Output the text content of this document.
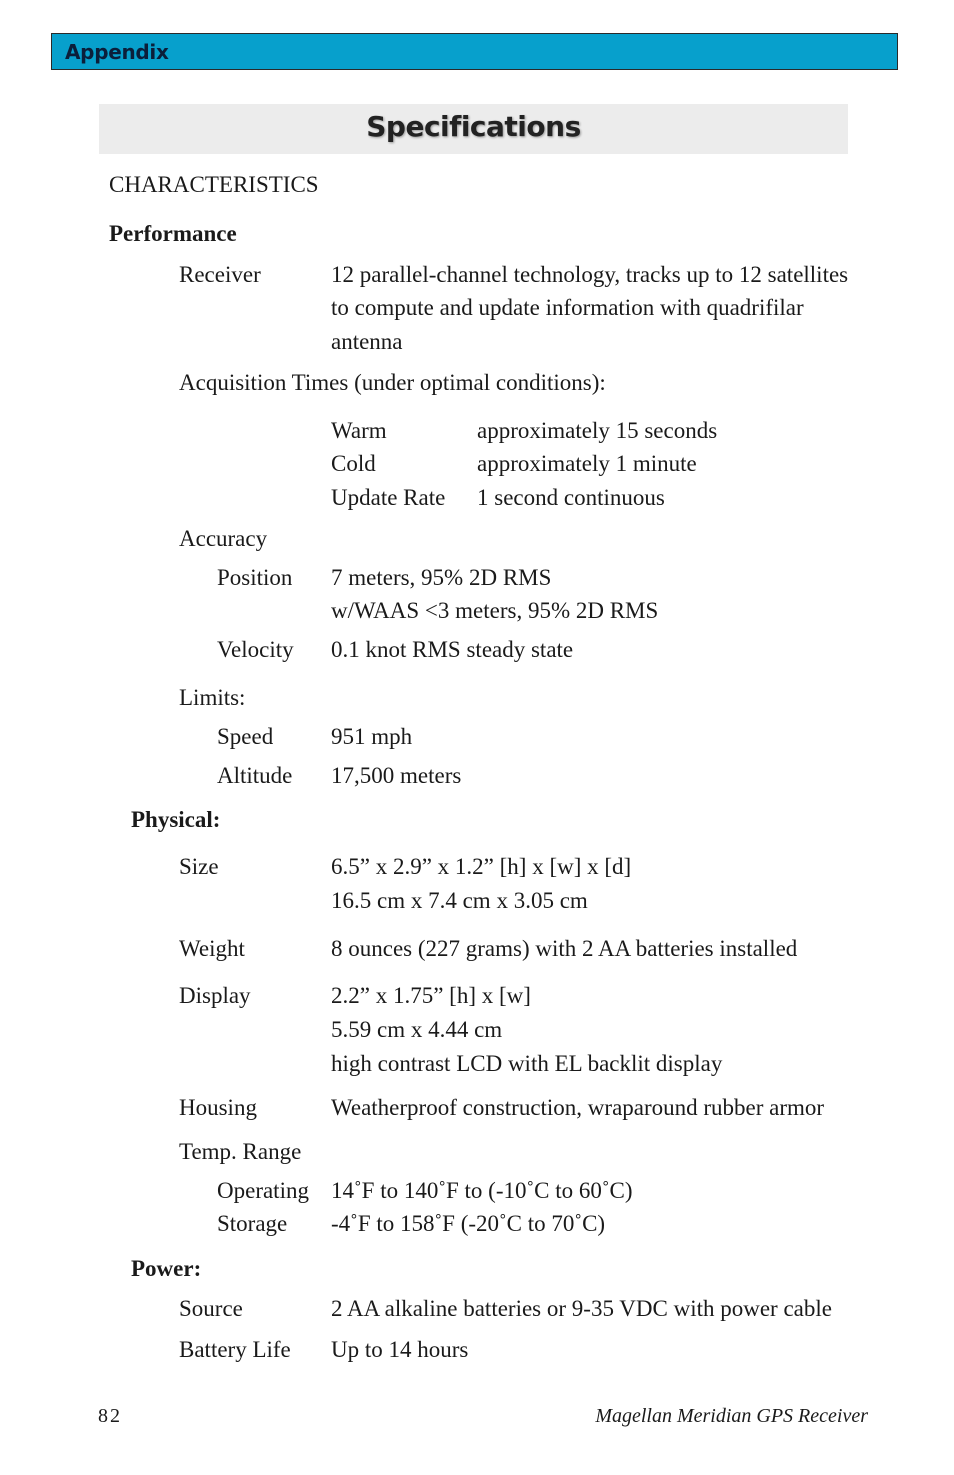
Appendix
Specifications
CHARACTERISTICS
Performance
Receiver	12 parallel-channel technology, tracks up to 12 satellites
to compute and update information with quadrifilar
antenna
Acquisition Times (under optimal conditions):
Warm	approximately 15 seconds
Cold	approximately 1 minute
Update Rate 1 second continuous
Accuracy
Position 7 meters, 95% 2D RMS
w/WAAS <3 meters, 95% 2D RMS
Velocity 0.1 knot RMS steady state
Limits:
Speed	951 mph
Altitude 17,500 meters
Physical:
Size	6.5” x 2.9” x 1.2” [h] x [w] x [d]
16.5 cm x 7.4 cm x 3.05 cm
Weight	8 ounces (227 grams) with 2 AA batteries installed
Display	2.2” x 1.75” [h] x [w]
5.59 cm x 4.44 cm
high contrast LCD with EL backlit display
Housing	Weatherproof construction, wraparound rubber armor
Temp. Range
Operating 14˚F to 140˚F to (-10˚C to 60˚C)
Storage -4˚F to 158˚F (-20˚C to 70˚C)
Power:
Source	2 AA alkaline batteries or 9-35 VDC with power cable
Battery Life Up to 14 hours
82	Magellan Meridian GPS Receiver
